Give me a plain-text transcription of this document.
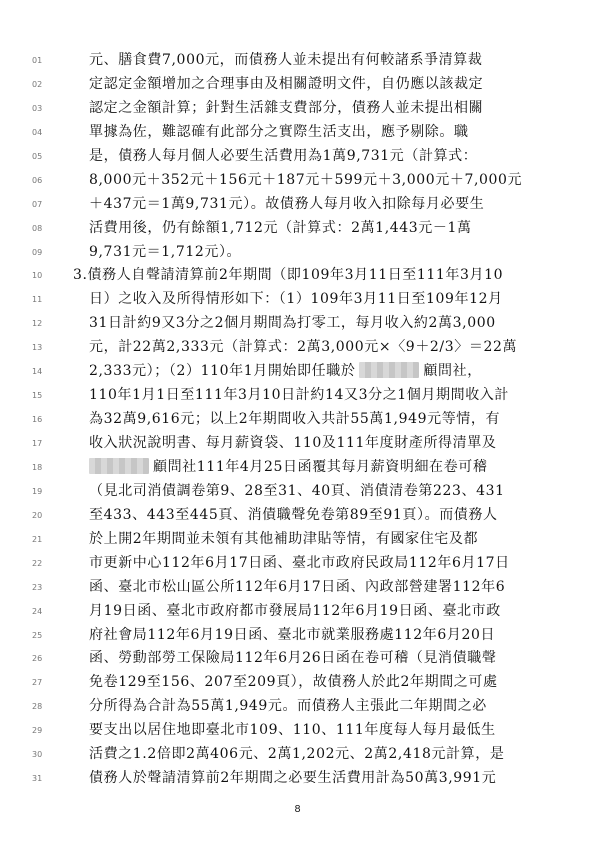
01	元、膳食費7,000元，而債務人並未提出有何較諸系爭清算裁
02	定認定金額增加之合理事由及相關證明文件，自仍應以該裁定
03	認定之金額計算；針對生活雜支費部分，債務人並未提出相關
04	單據為佐，難認確有此部分之實際生活支出，應予剔除。職
05	是，債務人每月個人必要生活費用為1萬9,731元（計算式：
06	8,000元＋352元＋156元＋187元＋599元＋3,000元＋7,000元
07	＋437元＝1萬9,731元）。故債務人每月收入扣除每月必要生
08	活費用後，仍有餘額1,712元（計算式：2萬1,443元－1萬
09	9,731元＝1,712元）。
10	3.債務人自聲請清算前2年期間（即109年3月11日至111年3月10
11	日）之收入及所得情形如下：（1）109年3月11日至109年12月
12	31日計約9又3分之2個月期間為打零工，每月收入約2萬3,000
13	元，計22萬2,333元（計算式：2萬3,000元×〈9＋2/3〉＝22萬
14	2,333元）；（2）110年1月開始即任職於	顧問社，
15	110年1月1日至111年3月10日計約14又3分之1個月期間收入計
16	為32萬9,616元；以上2年期間收入共計55萬1,949元等情，有
17	收入狀況說明書、每月薪資袋、110及111年度財產所得清單及
18	顧問社111年4月25日函覆其每月薪資明細在卷可稽
19	（見北司消債調卷第9、28至31、40頁、消債清卷第223、431
20	至433、443至445頁、消債職聲免卷第89至91頁）。而債務人
21	於上開2年期間並未領有其他補助津貼等情，有國家住宅及都
22	市更新中心112年6月17日函、臺北市政府民政局112年6月17日
23	函、臺北市松山區公所112年6月17日函、內政部營建署112年6
24	月19日函、臺北市政府都市發展局112年6月19日函、臺北市政
25	府社會局112年6月19日函、臺北市就業服務處112年6月20日
26	函、勞動部勞工保險局112年6月26日函在卷可稽（見消債職聲
27	免卷129至156、207至209頁），故債務人於此2年期間之可處
28	分所得為合計為55萬1,949元。而債務人主張此二年期間之必
29	要支出以居住地即臺北市109、110、111年度每人每月最低生
30	活費之1.2倍即2萬406元、2萬1,202元、2萬2,418元計算，是
31	債務人於聲請清算前2年期間之必要生活費用計為50萬3,991元
8
